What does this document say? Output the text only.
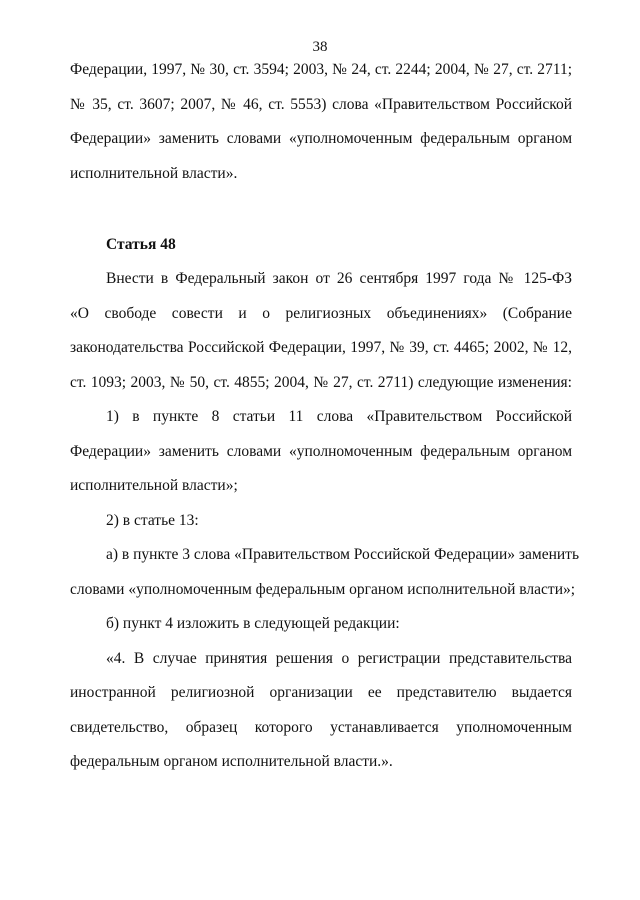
38
Федерации, 1997, № 30, ст. 3594; 2003, № 24, ст. 2244; 2004, № 27, ст. 2711;
№ 35, ст. 3607; 2007, № 46, ст. 5553) слова «Правительством Российской
Федерации» заменить словами «уполномоченным федеральным органом
исполнительной власти».
Статья 48
Внести в Федеральный закон от 26 сентября 1997 года № 125-ФЗ
«О свободе совести и о религиозных объединениях» (Собрание
законодательства Российской Федерации, 1997, № 39, ст. 4465; 2002, № 12,
ст. 1093; 2003, № 50, ст. 4855; 2004, № 27, ст. 2711) следующие изменения:
1) в пункте 8 статьи 11 слова «Правительством Российской
Федерации» заменить словами «уполномоченным федеральным органом
исполнительной власти»;
2) в статье 13:
а) в пункте 3 слова «Правительством Российской Федерации» заменить
словами «уполномоченным федеральным органом исполнительной власти»;
б) пункт 4 изложить в следующей редакции:
«4. В случае принятия решения о регистрации представительства
иностранной религиозной организации ее представителю выдается
свидетельство, образец которого устанавливается уполномоченным
федеральным органом исполнительной власти.».
